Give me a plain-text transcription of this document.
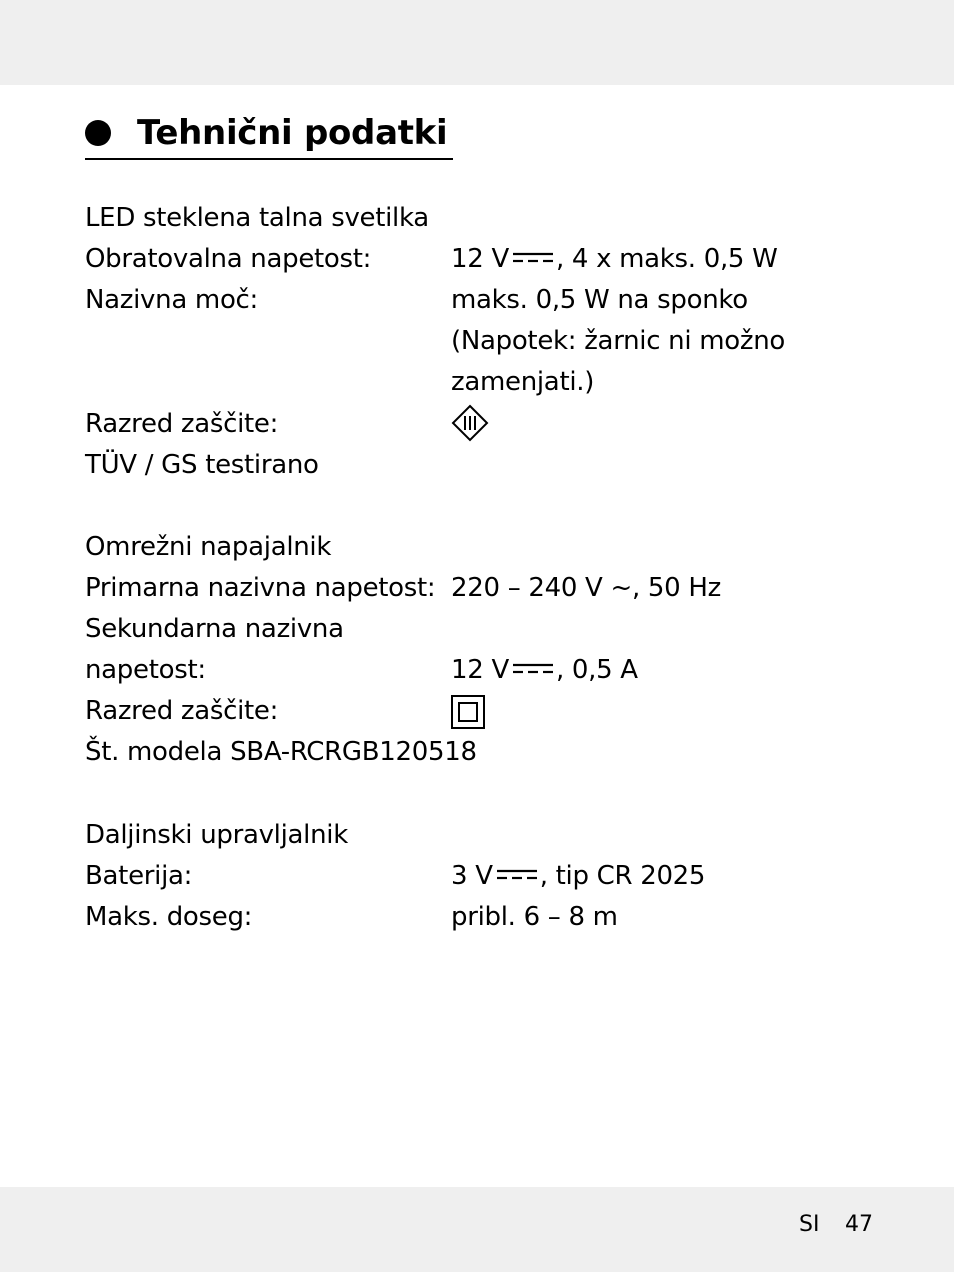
Tehnični podatki
LED steklena talna svetilka
Obratovalna napetost:	12 V , 4 x maks. 0,5 W
Nazivna moč:	maks. 0,5 W na sponko
(Napotek: žarnic ni možno
zamenjati.)
Razred zaščite:
TÜV / GS testirano
Omrežni napajalnik
Primarna nazivna napetost: 220 – 240 V ~, 50 Hz
Sekundarna nazivna
napetost:	12 V , 0,5 A
Razred zaščite:
Št. modela SBA-RCRGB120518
Daljinski upravljalnik
Baterija:	3 V , tip CR 2025
Maks. doseg:	pribl. 6 – 8 m
SI 47
